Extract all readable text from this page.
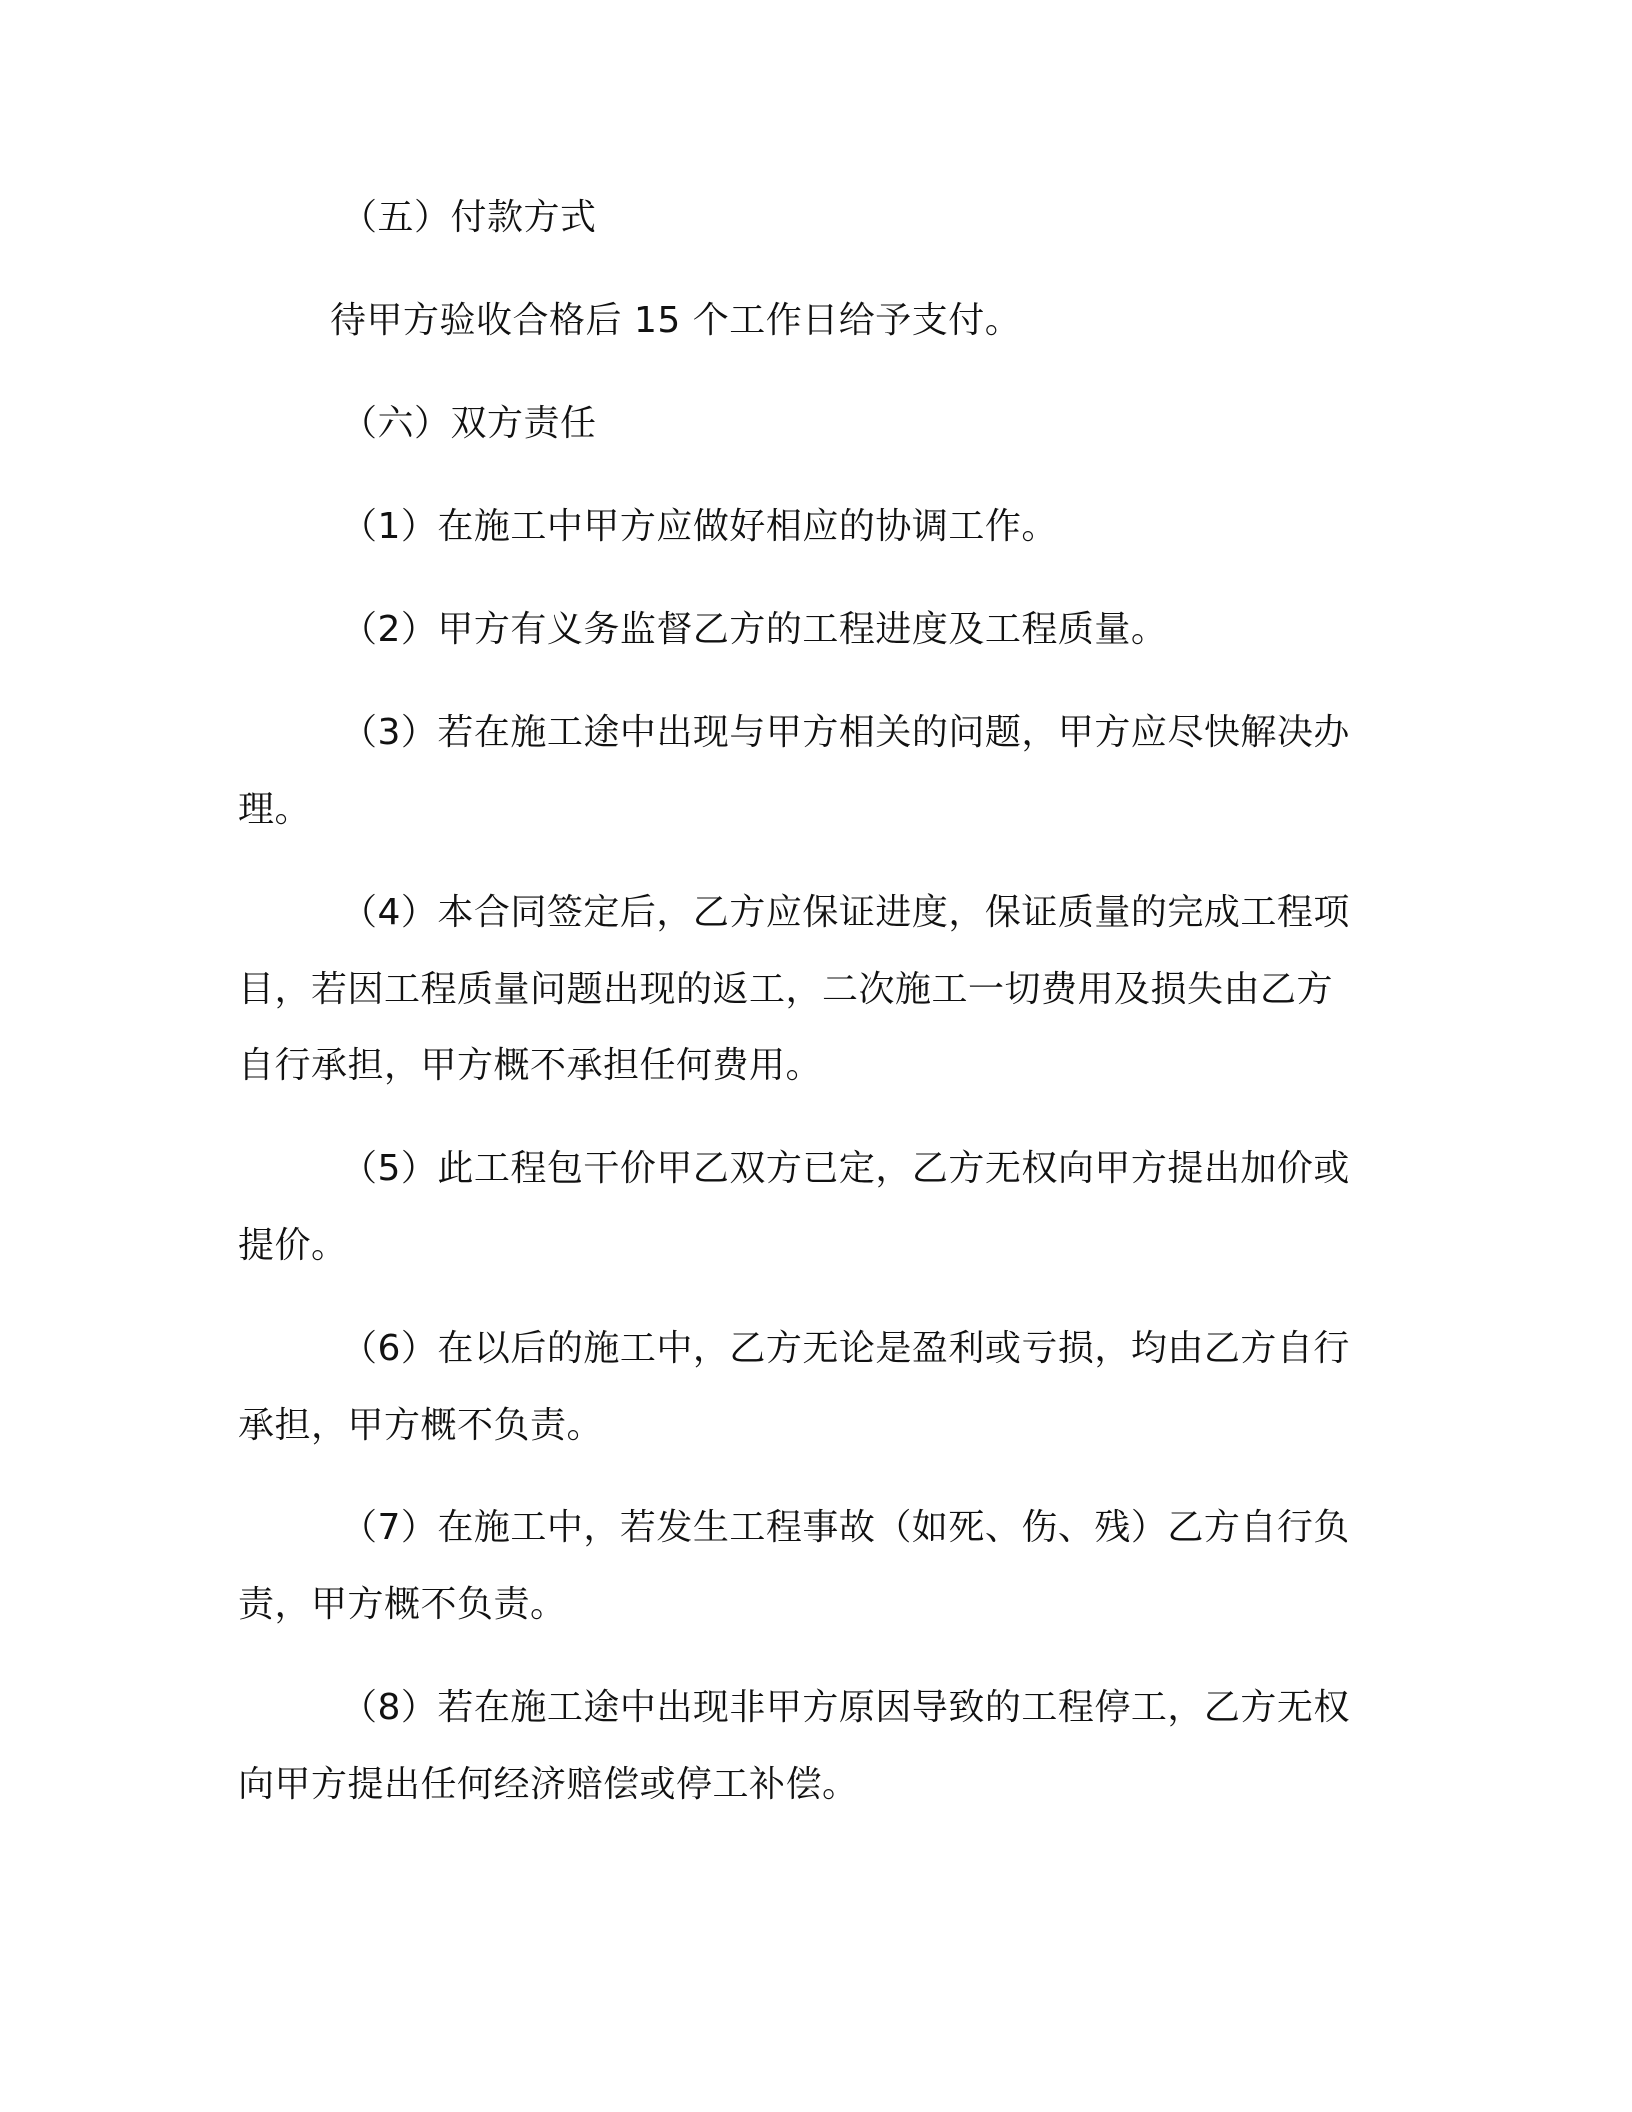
（五）付款方式
待甲方验收合格后 15 个工作日给予支付。
（六）双方责任
（1）在施工中甲方应做好相应的协调工作。
（2）甲方有义务监督乙方的工程进度及工程质量。
（3）若在施工途中出现与甲方相关的问题，甲方应尽快解决办
理。
（4）本合同签定后，乙方应保证进度，保证质量的完成工程项
目，若因工程质量问题出现的返工，二次施工一切费用及损失由乙方
自行承担，甲方概不承担任何费用。
（5）此工程包干价甲乙双方已定，乙方无权向甲方提出加价或
提价。
（6）在以后的施工中，乙方无论是盈利或亏损，均由乙方自行
承担，甲方概不负责。
（7）在施工中，若发生工程事故（如死、伤、残）乙方自行负
责，甲方概不负责。
（8）若在施工途中出现非甲方原因导致的工程停工，乙方无权
向甲方提出任何经济赔偿或停工补偿。
